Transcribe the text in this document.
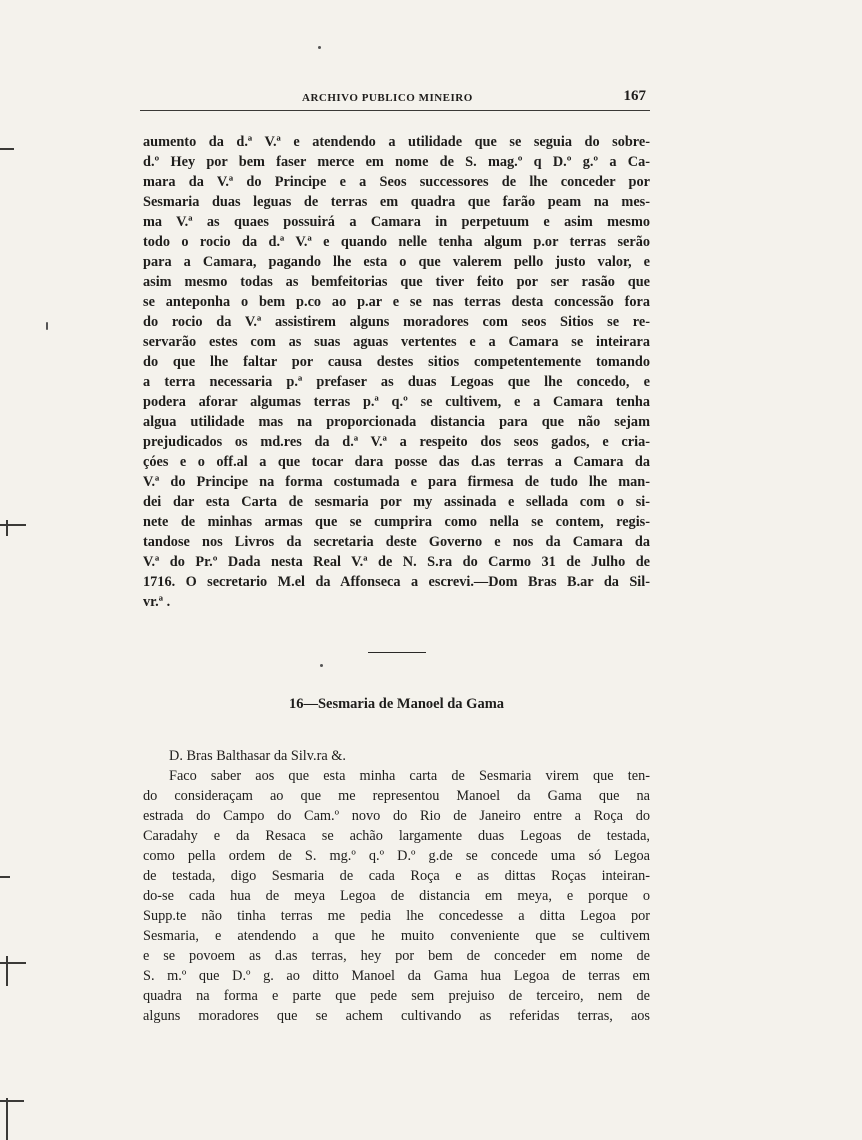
ARCHIVO PUBLICO MINEIRO	167
aumento da d.ª V.ª e atendendo a utilidade que se seguia do sobre-
d.º Hey por bem faser merce em nome de S. mag.º q D.º g.º a Ca-
mara da V.ª do Principe e a Seos successores de lhe conceder por
Sesmaria duas leguas de terras em quadra que farão peam na mes-
ma V.ª as quaes possuirá a Camara in perpetuum e asim mesmo
todo o rocio da d.ª V.ª e quando nelle tenha algum p.or terras serão
para a Camara, pagando lhe esta o que valerem pello justo valor, e
asim mesmo todas as bemfeitorias que tiver feito por ser rasão que
se anteponha o bem p.co ao p.ar e se nas terras desta concessão fora
do rocio da V.ª assistirem alguns moradores com seos Sitios se re-
servarão estes com as suas aguas vertentes e a Camara se inteirara
do que lhe faltar por causa destes sitios competentemente tomando
a terra necessaria p.ª prefaser as duas Legoas que lhe concedo, e
podera aforar algumas terras p.ª q.º se cultivem, e a Camara tenha
algua utilidade mas na proporcionada distancia para que não sejam
prejudicados os md.res da d.ª V.ª a respeito dos seos gados, e cria-
çóes e o off.al a que tocar dara posse das d.as terras a Camara da
V.ª do Principe na forma costumada e para firmesa de tudo lhe man-
dei dar esta Carta de sesmaria por my assinada e sellada com o si-
nete de minhas armas que se cumprira como nella se contem, regis-
tandose nos Livros da secretaria deste Governo e nos da Camara da
V.ª do Pr.º Dada nesta Real V.ª de N. S.ra do Carmo 31 de Julho de
1716. O secretario M.el da Affonseca a escrevi.—Dom Bras B.ar da Sil-
vr.ª .
16—Sesmaria de Manoel da Gama
D. Bras Balthasar da Silv.ra &.
Faco saber aos que esta minha carta de Sesmaria virem que ten-
do consideraçam ao que me representou Manoel da Gama que na
estrada do Campo do Cam.º novo do Rio de Janeiro entre a Roça do
Caradahy e da Resaca se achão largamente duas Legoas de testada,
como pella ordem de S. mg.º q.º D.º g.de se concede uma só Legoa
de testada, digo Sesmaria de cada Roça e as dittas Roças inteiran-
do-se cada hua de meya Legoa de distancia em meya, e porque o
Supp.te não tinha terras me pedia lhe concedesse a ditta Legoa por
Sesmaria, e atendendo a que he muito conveniente que se cultivem
e se povoem as d.as terras, hey por bem de conceder em nome de
S. m.º que D.º g. ao ditto Manoel da Gama hua Legoa de terras em
quadra na forma e parte que pede sem prejuiso de terceiro, nem de
alguns moradores que se achem cultivando as referidas terras, aos
